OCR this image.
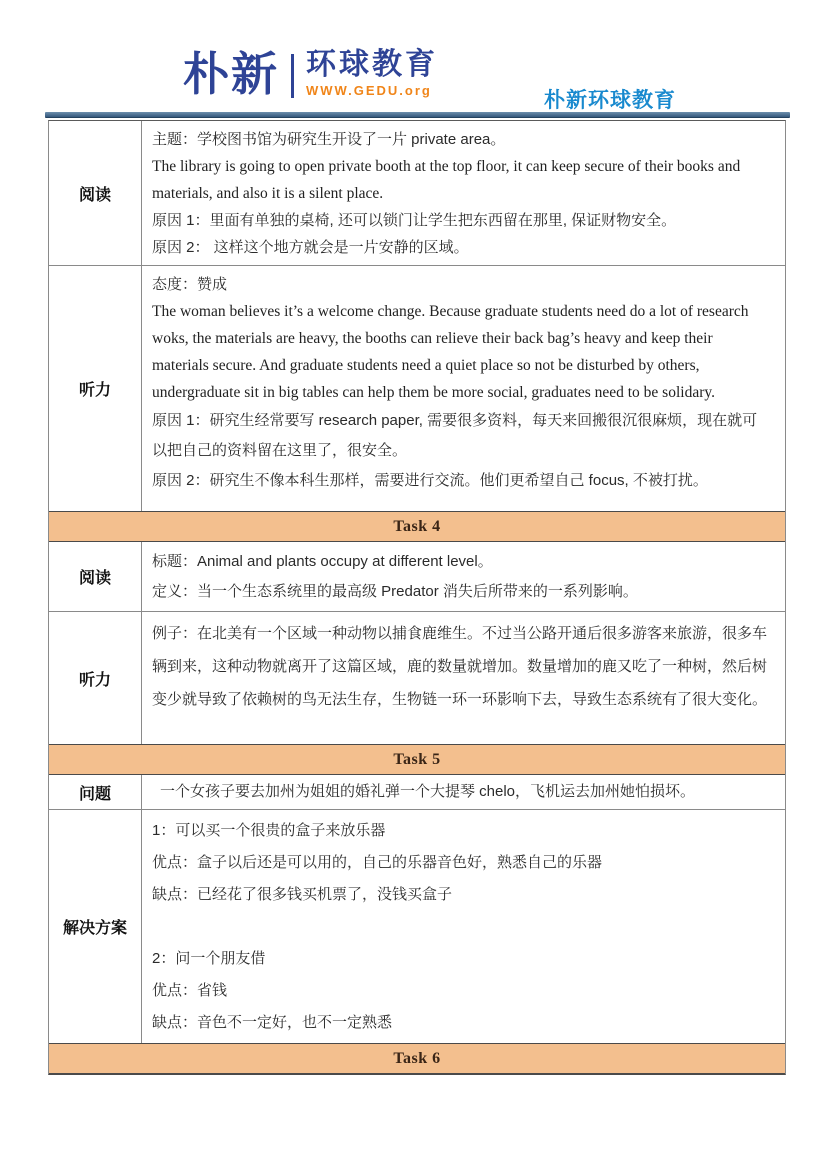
朴新 环球教育
WWW.GEDU.org	朴新环球教育
阅读

主题：学校图书馆为研究生开设了一片 private area。

The library is going to open private booth at the top floor, it can keep secure of their books and materials, and also it is a silent place.

原因 1：里面有单独的桌椅, 还可以锁门让学生把东西留在那里, 保证财物安全。

原因 2： 这样这个地方就会是一片安静的区域。

听力

态度：赞成

The woman believes it’s a welcome change. Because graduate students need do a lot of research woks, the materials are heavy, the booths can relieve their back bag’s heavy and keep their materials secure. And graduate students need a quiet place so not be disturbed by others, undergraduate sit in big tables can help them be more social, graduates need to be solidary.

原因 1：研究生经常要写 research paper, 需要很多资料，每天来回搬很沉很麻烦，现在就可以把自己的资料留在这里了，很安全。

原因 2：研究生不像本科生那样，需要进行交流。他们更希望自己 focus, 不被打扰。

Task 4
阅读

标题：Animal and plants occupy at different level。

定义：当一个生态系统里的最高级 Predator 消失后所带来的一系列影响。

听力

例子：在北美有一个区域一种动物以捕食鹿维生。不过当公路开通后很多游客来旅游，很多车辆到来，这种动物就离开了这篇区域，鹿的数量就增加。数量增加的鹿又吃了一种树，然后树变少就导致了依赖树的鸟无法生存，生物链一环一环影响下去，导致生态系统有了很大变化。

Task 5
问题	一个女孩子要去加州为姐姐的婚礼弹一个大提琴 chelo，飞机运去加州她怕损坏。

解决方案

1：可以买一个很贵的盒子来放乐器

优点：盒子以后还是可以用的，自己的乐器音色好，熟悉自己的乐器

缺点：已经花了很多钱买机票了，没钱买盒子

2：问一个朋友借

优点：省钱

缺点：音色不一定好，也不一定熟悉

Task 6
